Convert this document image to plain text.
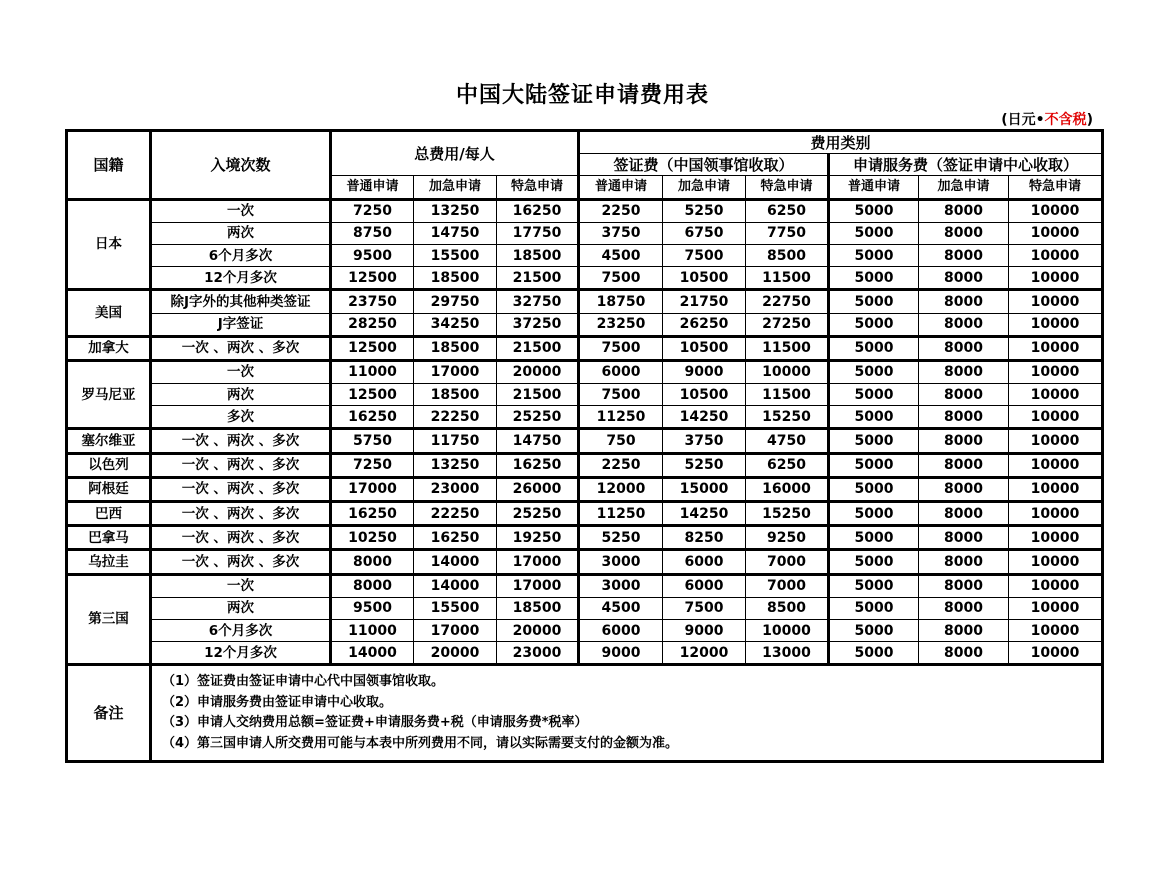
中国大陆签证申请费用表
(日元•不含税)
国籍	入境次数	总费用/每人			费用类别					
					签证费（中国领事馆收取）			申请服务费（签证申请中心收取）		
		普通申请	加急申请	特急申请	普通申请	加急申请	特急申请	普通申请	加急申请	特急申请
日本	一次	7250	13250	16250	2250	5250	6250	5000	8000	10000
	两次	8750	14750	17750	3750	6750	7750	5000	8000	10000
	6个月多次	9500	15500	18500	4500	7500	8500	5000	8000	10000
	12个月多次	12500	18500	21500	7500	10500	11500	5000	8000	10000
美国	除J字外的其他种类签证	23750	29750	32750	18750	21750	22750	5000	8000	10000
	J字签证	28250	34250	37250	23250	26250	27250	5000	8000	10000
加拿大	一次 、两次 、多次	12500	18500	21500	7500	10500	11500	5000	8000	10000
罗马尼亚	一次	11000	17000	20000	6000	9000	10000	5000	8000	10000
	两次	12500	18500	21500	7500	10500	11500	5000	8000	10000
	多次	16250	22250	25250	11250	14250	15250	5000	8000	10000
塞尔维亚	一次 、两次 、多次	5750	11750	14750	750	3750	4750	5000	8000	10000
以色列	一次 、两次 、多次	7250	13250	16250	2250	5250	6250	5000	8000	10000
阿根廷	一次 、两次 、多次	17000	23000	26000	12000	15000	16000	5000	8000	10000
巴西	一次 、两次 、多次	16250	22250	25250	11250	14250	15250	5000	8000	10000
巴拿马	一次 、两次 、多次	10250	16250	19250	5250	8250	9250	5000	8000	10000
乌拉圭	一次 、两次 、多次	8000	14000	17000	3000	6000	7000	5000	8000	10000
第三国	一次	8000	14000	17000	3000	6000	7000	5000	8000	10000
	两次	9500	15500	18500	4500	7500	8500	5000	8000	10000
	6个月多次	11000	17000	20000	6000	9000	10000	5000	8000	10000
	12个月多次	14000	20000	23000	9000	12000	13000	5000	8000	10000
备注	（1）签证费由签证申请中心代中国领事馆收取。
（2）申请服务费由签证申请中心收取。
（3）申请人交纳费用总额=签证费+申请服务费+税（申请服务费*税率）
（4）第三国申请人所交费用可能与本表中所列费用不同，请以实际需要支付的金额为准。									
